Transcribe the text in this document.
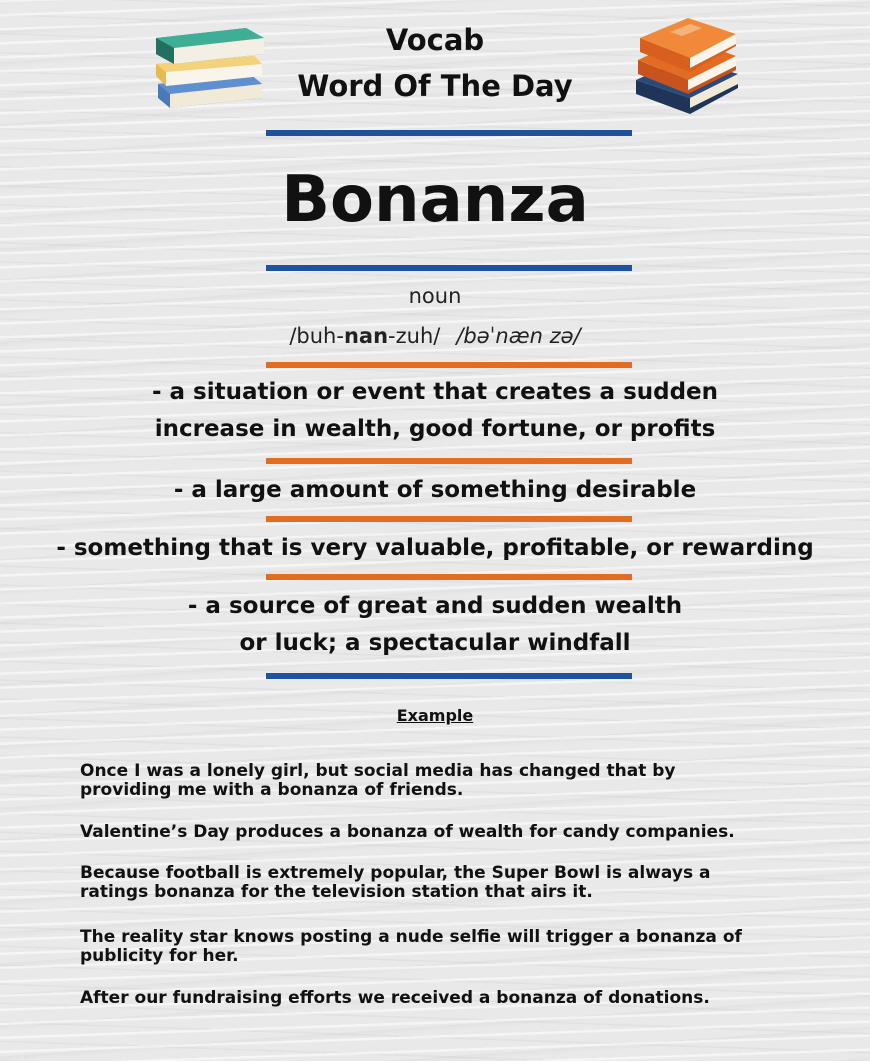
Vocab
Word Of The Day
Bonanza
noun
/buh-nan-zuh/ /bəˈnæn zə/
- a situation or event that creates a sudden
increase in wealth, good fortune, or profits
- a large amount of something desirable
- something that is very valuable, profitable, or rewarding
- a source of great and sudden wealth
or luck; a spectacular windfall
Example
Once I was a lonely girl, but social media has changed that by
providing me with a bonanza of friends.
Valentine’s Day produces a bonanza of wealth for candy companies.
Because football is extremely popular, the Super Bowl is always a
ratings bonanza for the television station that airs it.
The reality star knows posting a nude selfie will trigger a bonanza of
publicity for her.
After our fundraising efforts we received a bonanza of donations.
